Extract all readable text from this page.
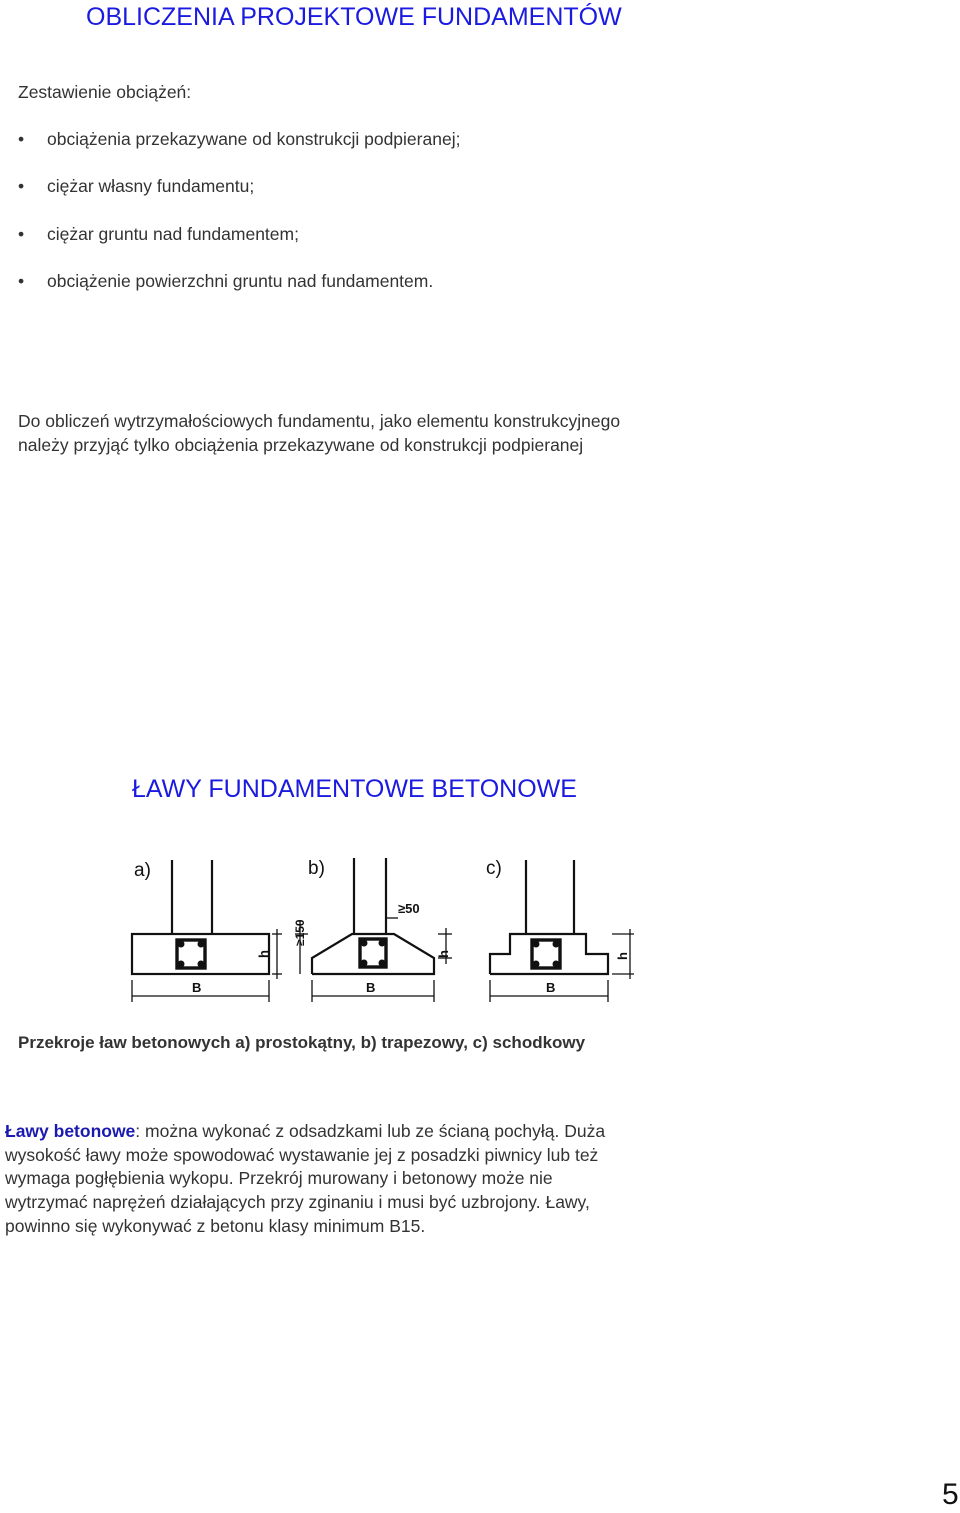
OBLICZENIA PROJEKTOWE FUNDAMENTÓW
Zestawienie obciążeń:
• obciążenia przekazywane od konstrukcji podpieranej;
• ciężar własny fundamentu;
• ciężar gruntu nad fundamentem;
• obciążenie powierzchni gruntu nad fundamentem.
Do obliczeń wytrzymałościowych fundamentu, jako elementu konstrukcyjnego
należy przyjąć tylko obciążenia przekazywane od konstrukcji podpieranej
ŁAWY FUNDAMENTOWE BETONOWE
a)
B
h
b)
B
≥150
≥50
h
c)
B
h
Przekroje ław betonowych a) prostokątny, b) trapezowy, c) schodkowy
Ławy betonowe: można wykonać z odsadzkami lub ze ścianą pochyłą. Duża
wysokość ławy może spowodować wystawanie jej z posadzki piwnicy lub też
wymaga pogłębienia wykopu. Przekrój murowany i betonowy może nie
wytrzymać naprężeń działających przy zginaniu i musi być uzbrojony. Ławy,
powinno się wykonywać z betonu klasy minimum B15.
5
